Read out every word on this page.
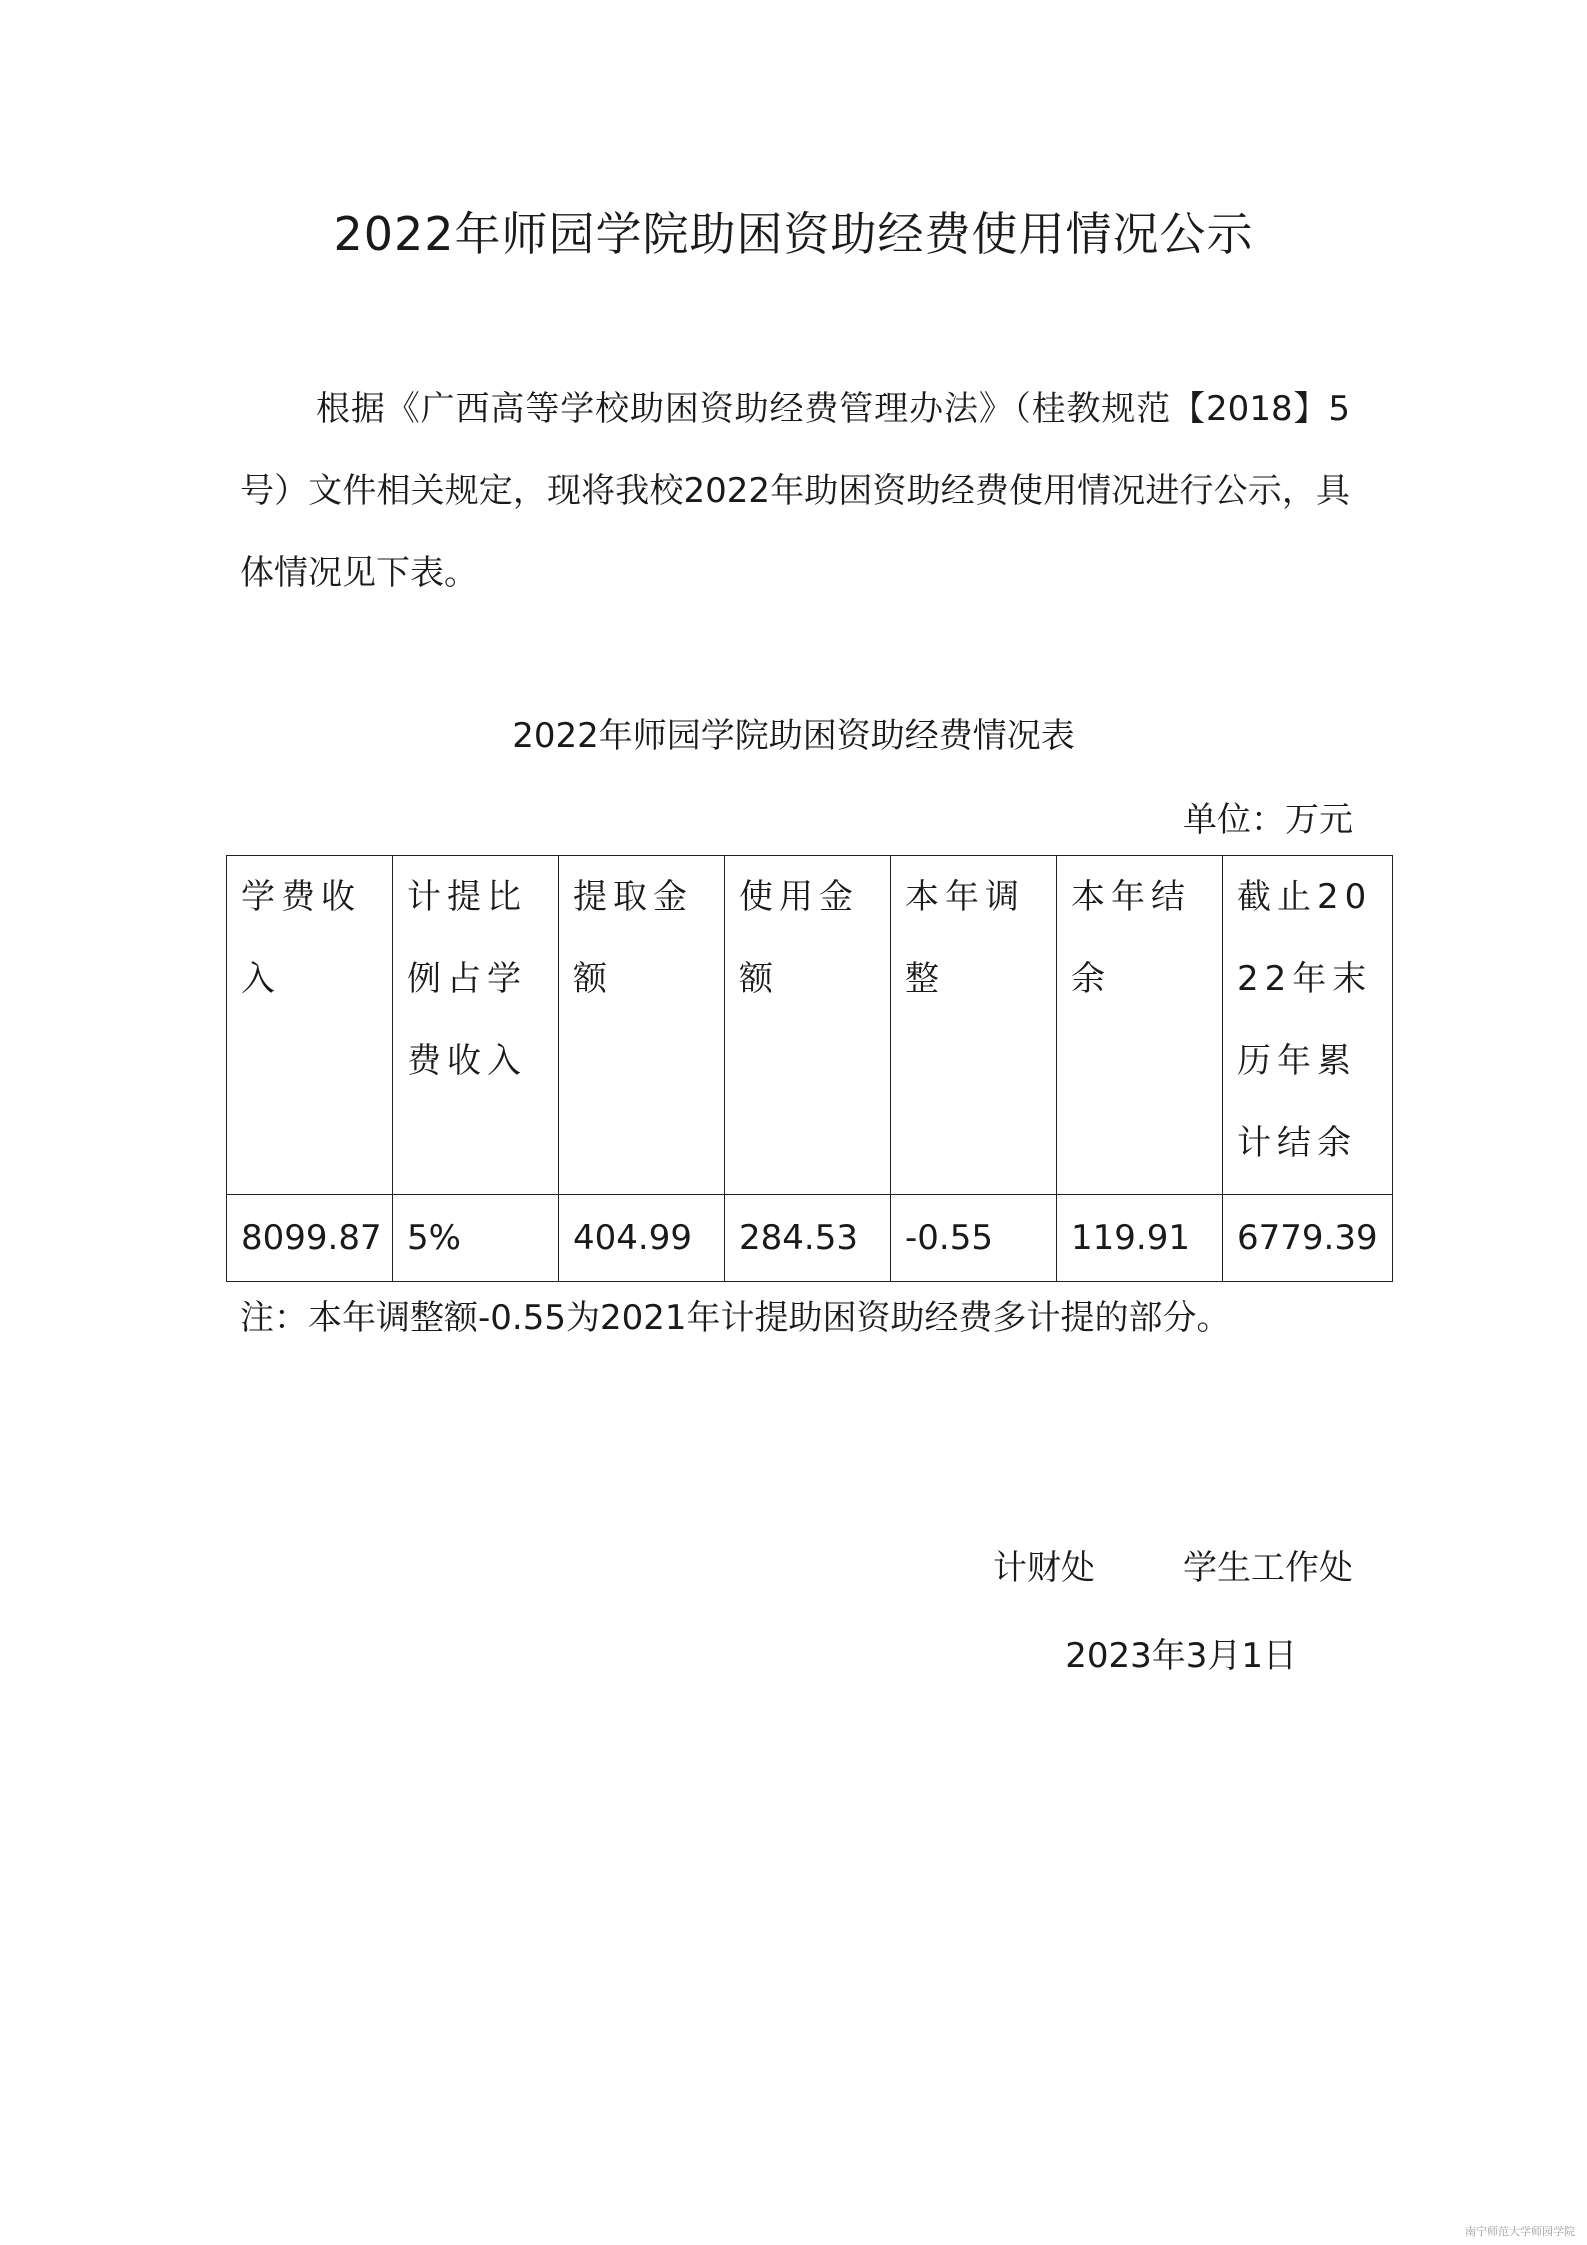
2022年师园学院助困资助经费使用情况公示
根据《广西高等学校助困资助经费管理办法》（桂教规范【2018】5号）文件相关规定，现将我校2022年助困资助经费使用情况进行公示，具体情况见下表。
2022年师园学院助困资助经费情况表
单位：万元
学费收入	计提比例占学费收入	提取金额	使用金额	本年调整	本年结余	截止2022年末历年累计结余
8099.87	5%	404.99	284.53	-0.55	119.91	6779.39
注：本年调整额-0.55为2021年计提助困资助经费多计提的部分。
计财处	学生工作处
2023年3月1日
南宁师范大学师园学院
